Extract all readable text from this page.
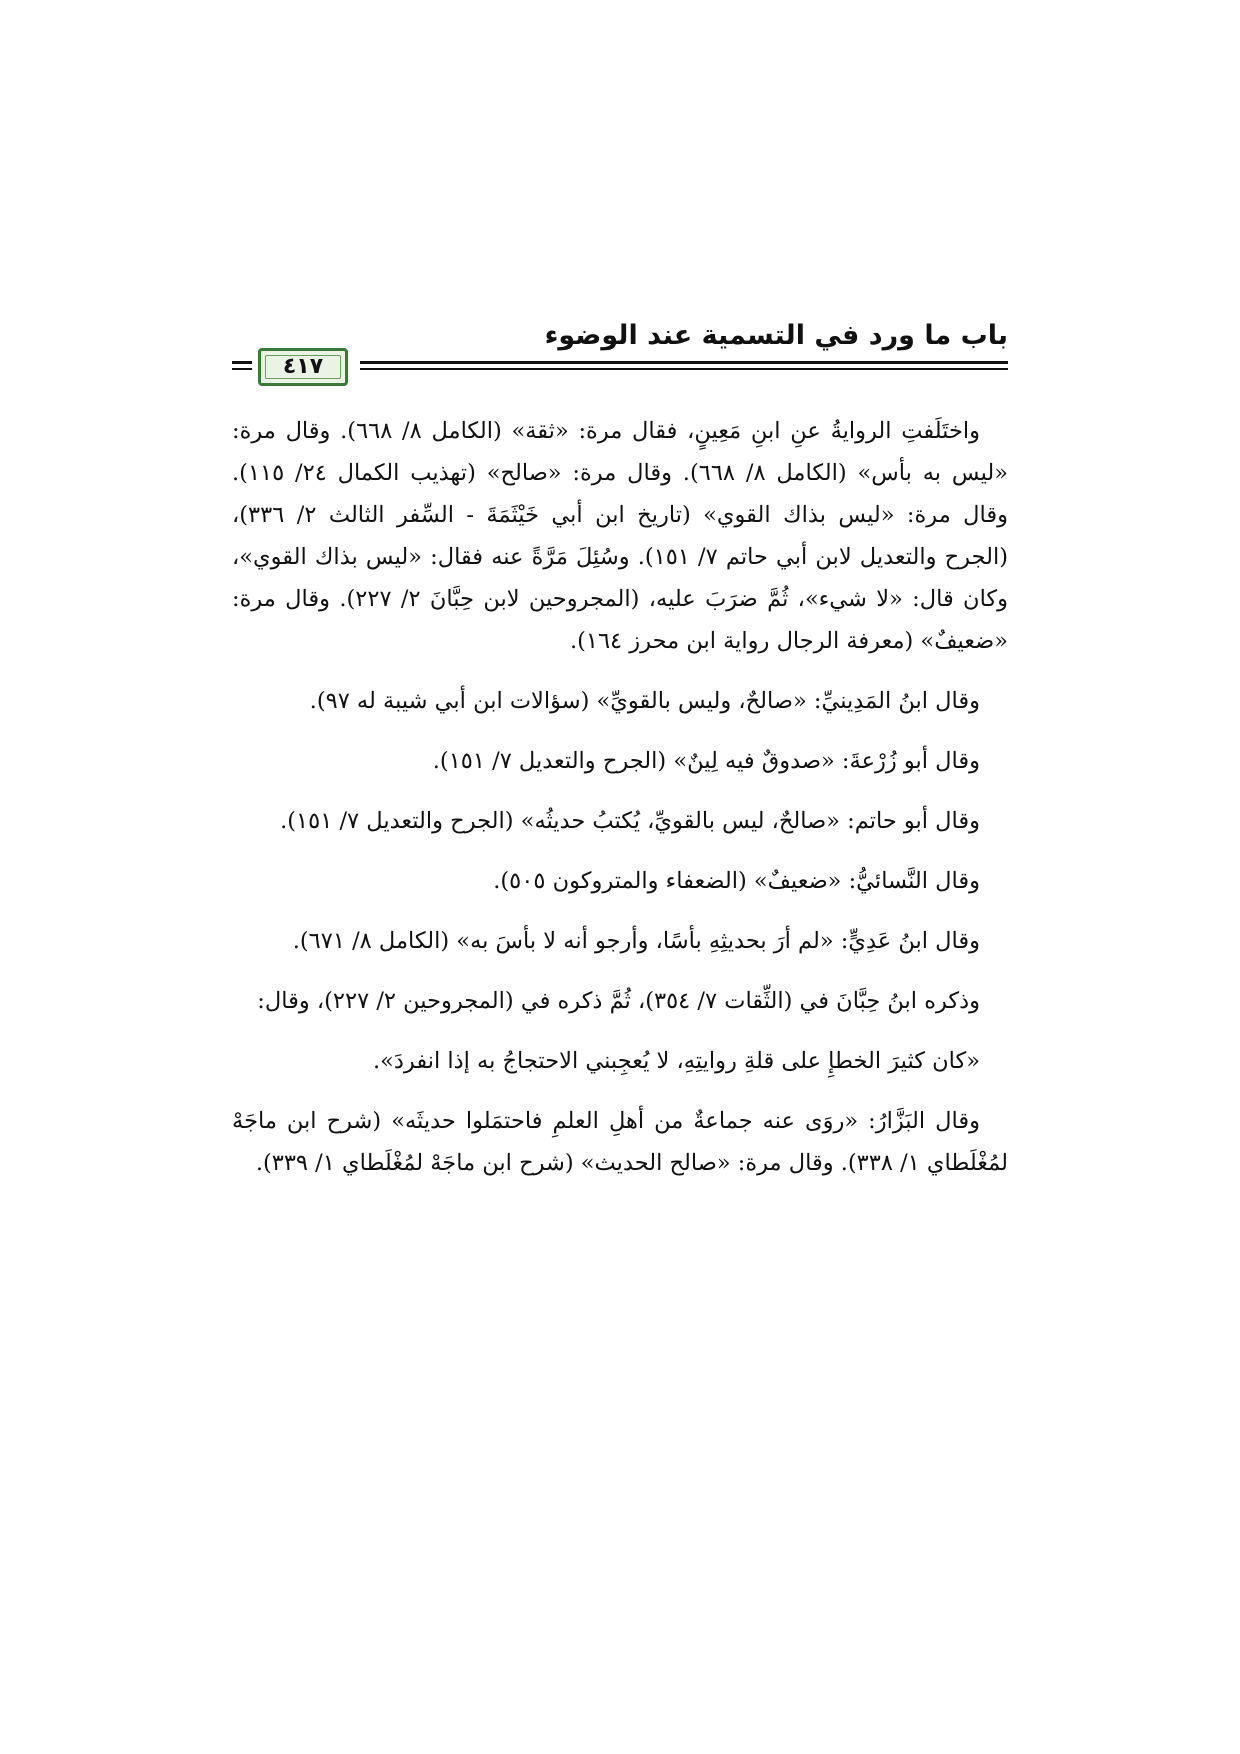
باب ما ورد في التسمية عند الوضوء
٤١٧

واختَلَفتِ الروايةُ عنِ ابنِ مَعِينٍ، فقال مرة: «ثقة» (الكامل ٨/ ٦٦٨). وقال مرة: «ليس به بأس» (الكامل ٨/ ٦٦٨). وقال مرة: «صالح» (تهذيب الكمال ٢٤/ ١١٥). وقال مرة: «ليس بذاك القوي» (تاريخ ابن أبي خَيْثَمَةَ - السِّفر الثالث ٢/ ٣٣٦)، (الجرح والتعديل لابن أبي حاتم ٧/ ١٥١). وسُئِلَ مَرَّةً عنه فقال: «ليس بذاك القوي»، وكان قال: «لا شيء»، ثُمَّ ضرَبَ عليه، (المجروحين لابن حِبَّانَ ٢/ ٢٢٧). وقال مرة: «ضعيفٌ» (معرفة الرجال رواية ابن محرز ١٦٤).

وقال ابنُ المَدِينيِّ: «صالحٌ، وليس بالقويِّ» (سؤالات ابن أبي شيبة له ٩٧).

وقال أبو زُرْعةَ: «صدوقٌ فيه لِينٌ» (الجرح والتعديل ٧/ ١٥١).

وقال أبو حاتم: «صالحٌ، ليس بالقويِّ، يُكتبُ حديثُه» (الجرح والتعديل ٧/ ١٥١).

وقال النَّسائيُّ: «ضعيفٌ» (الضعفاء والمتروكون ٥٠٥).

وقال ابنُ عَدِيٍّ: «لم أرَ بحديثِهِ بأسًا، وأرجو أنه لا بأسَ به» (الكامل ٨/ ٦٧١).

وذكره ابنُ حِبَّانَ في (الثِّقات ٧/ ٣٥٤)، ثُمَّ ذكره في (المجروحين ٢/ ٢٢٧)، وقال:

«كان كثيرَ الخطإِ على قلةِ روايتِهِ، لا يُعجِبني الاحتجاجُ به إذا انفردَ».

وقال البَزَّارُ: «روَى عنه جماعةٌ من أهلِ العلمِ فاحتمَلوا حديثَه» (شرح ابن ماجَهْ لمُغْلَطاي ١/ ٣٣٨). وقال مرة: «صالح الحديث» (شرح ابن ماجَهْ لمُغْلَطاي ١/ ٣٣٩).
